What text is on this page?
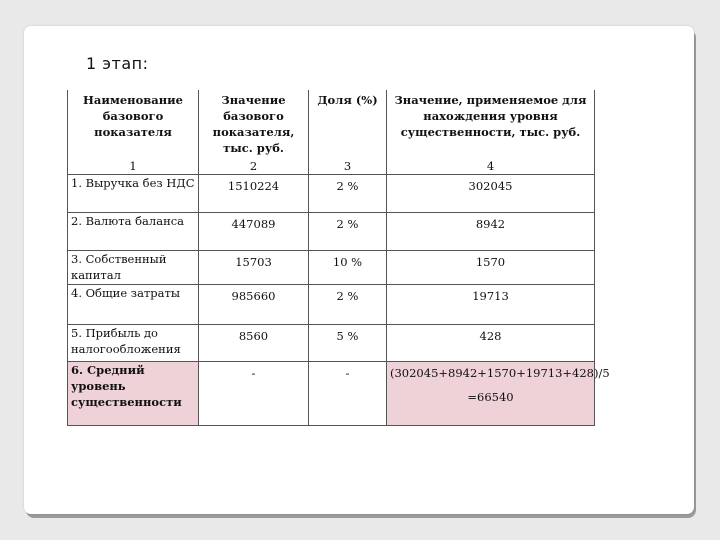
1 этап:
Наименование базового показателя	Значение базового показателя, тыс. руб.	Доля (%)	Значение, применяемое для нахождения уровня существенности, тыс. руб.
1	2	3	4
1. Выручка без НДС	1510224	2 %	302045
2. Валюта баланса	447089	2 %	8942
3. Собственный капитал	15703	10 %	1570
4. Общие затраты	985660	2 %	19713
5. Прибыль до налогообложения	8560	5 %	428
6. Средний уровень существенности	-	-	(302045+8942+1570+19713+428)/5
=66540
